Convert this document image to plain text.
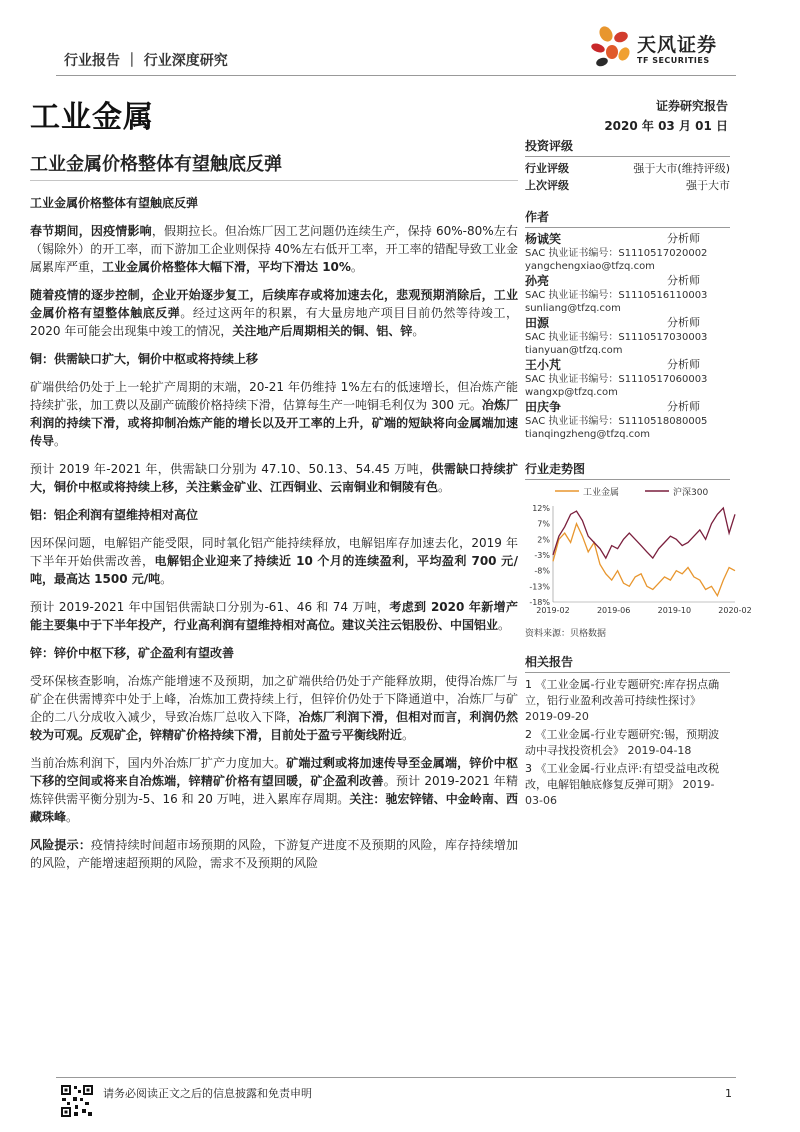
行业报告 ｜ 行业深度研究
天风证券
TF SECURITIES
工业金属	证券研究报告
2020 年 03 月 01 日
工业金属价格整体有望触底反弹
工业金属价格整体有望触底反弹

春节期间，因疫情影响，假期拉长。但冶炼厂因工艺问题仍连续生产，保持 60%-80%左右（锡除外）的开工率，而下游加工企业则保持 40%左右低开工率，开工率的错配导致工业金属累库严重，工业金属价格整体大幅下滑，平均下滑达 10%。

随着疫情的逐步控制，企业开始逐步复工，后续库存或将加速去化，悲观预期消除后，工业金属价格有望整体触底反弹。经过这两年的积累，有大量房地产项目目前仍然等待竣工，2020 年可能会出现集中竣工的情况，关注地产后周期相关的铜、铝、锌。

铜：供需缺口扩大，铜价中枢或将持续上移

矿端供给仍处于上一轮扩产周期的末端，20-21 年仍维持 1%左右的低速增长，但冶炼产能持续扩张，加工费以及副产硫酸价格持续下滑，估算每生产一吨铜毛利仅为 300 元。冶炼厂利润的持续下滑，或将抑制冶炼产能的增长以及开工率的上升，矿端的短缺将向金属端加速传导。

预计 2019 年-2021 年，供需缺口分别为 47.10、50.13、54.45 万吨，供需缺口持续扩大，铜价中枢或将持续上移，关注紫金矿业、江西铜业、云南铜业和铜陵有色。

铝：铝企利润有望维持相对高位

因环保问题，电解铝产能受限，同时氧化铝产能持续释放，电解铝库存加速去化，2019 年下半年开始供需改善，电解铝企业迎来了持续近 10 个月的连续盈利，平均盈利 700 元/吨，最高达 1500 元/吨。

预计 2019-2021 年中国铝供需缺口分别为-61、46 和 74 万吨，考虑到 2020 年新增产能主要集中于下半年投产，行业高利润有望维持相对高位。建议关注云铝股份、中国铝业。

锌：锌价中枢下移，矿企盈利有望改善

受环保核查影响，冶炼产能增速不及预期，加之矿端供给仍处于产能释放期，使得冶炼厂与矿企在供需博弈中处于上峰，冶炼加工费持续上行，但锌价仍处于下降通道中，冶炼厂与矿企的二八分成收入减少，导致冶炼厂总收入下降，冶炼厂利润下滑，但相对而言，利润仍然较为可观。反观矿企，锌精矿价格持续下滑，目前处于盈亏平衡线附近。

当前冶炼利润下，国内外冶炼厂扩产力度加大。矿端过剩或将加速传导至金属端，锌价中枢下移的空间或将来自冶炼端，锌精矿价格有望回暖，矿企盈利改善。预计 2019-2021 年精炼锌供需平衡分别为-5、16 和 20 万吨，进入累库存周期。关注：驰宏锌锗、中金岭南、西藏珠峰。

风险提示：疫情持续时间超市场预期的风险，下游复产进度不及预期的风险，库存持续增加的风险，产能增速超预期的风险，需求不及预期的风险

投资评级
行业评级	强于大市(维持评级)
上次评级	强于大市
作者
杨诚笑	分析师
SAC 执业证书编号：S1110517020002
yangchengxiao@tfzq.com
孙亮	分析师
SAC 执业证书编号：S1110516110003
sunliang@tfzq.com
田源	分析师
SAC 执业证书编号：S1110517030003
tianyuan@tfzq.com
王小芃	分析师
SAC 执业证书编号：S1110517060003
wangxp@tfzq.com
田庆争	分析师
SAC 执业证书编号：S1110518080005
tianqingzheng@tfzq.com
行业走势图
工业金属	沪深300
12%
7%
2%
-3%
-8%
-13%
-18%
2019-02	2019-06	2019-10	2020-02
资料来源：贝格数据
相关报告
1 《工业金属-行业专题研究:库存拐点确立，铝行业盈利改善可持续性探讨》 2019-09-20
2 《工业金属-行业专题研究:锡，预期波动中寻找投资机会》 2019-04-18
3 《工业金属-行业点评:有望受益电改税改，电解铝触底修复反弹可期》 2019-03-06
请务必阅读正文之后的信息披露和免责申明	1
